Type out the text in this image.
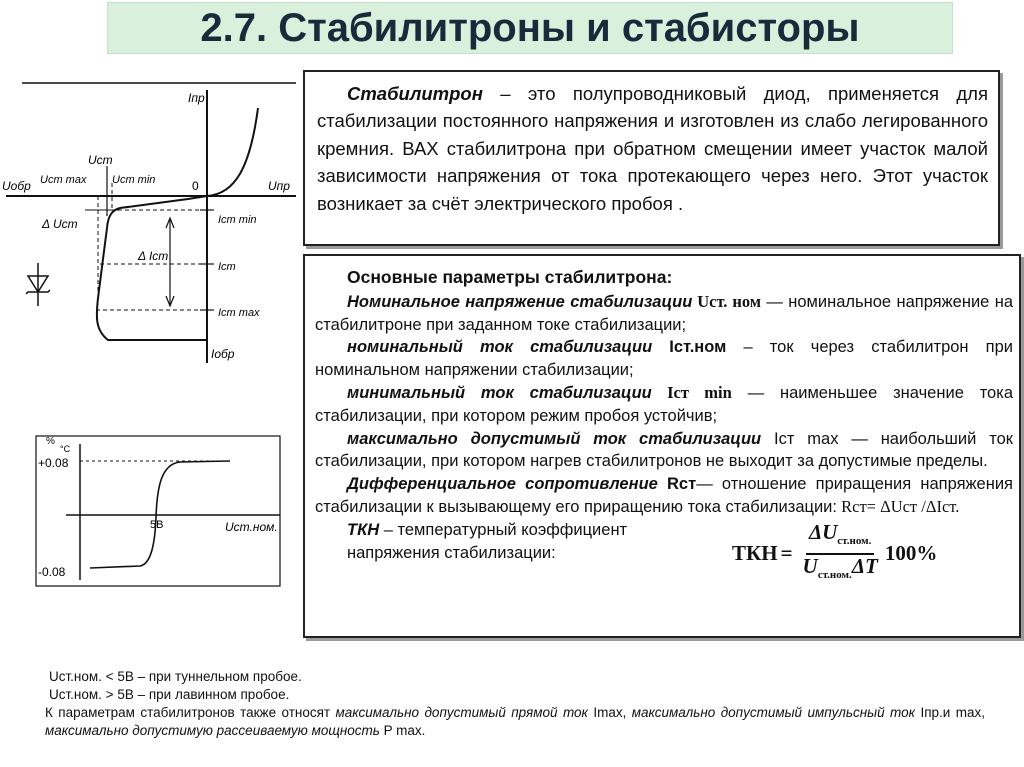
2.7. Стабилитроны и стабисторы
Iпр
Uст
Uобр Uст max Uст min	0	Uпр
Δ Uст	Iст min
Δ Iст
Iст
Iст max
Iобр
%
°C
+0.08
-0.08
5В	Uст.ном.
Стабилитрон – это полупроводниковый диод, применяется для стабилизации постоянного напряжения и изготовлен из слабо легированного кремния. ВАХ стабилитрона при обратном смещении имеет участок малой зависимости напряжения от тока протекающего через него. Этот участок возникает за счёт электрического пробоя .

Основные параметры стабилитрона:

Номинальное напряжение стабилизации Uст. ном — номинальное напряжение на стабилитроне при заданном токе стабилизации;

номинальный ток стабилизации Iст.ном – ток через стабилитрон при номинальном напряжении стабилизации;

минимальный ток стабилизации Iст min — наименьшее значение тока стабилизации, при котором режим пробоя устойчив;

максимально допустимый ток стабилизации Iст max — наибольший ток стабилизации, при котором нагрев стабилитронов не выходит за допустимые пределы.

Дифференциальное сопротивление Rст— отношение приращения напряжения стабилизации к вызывающему его приращению тока стабилизации: Rст= ΔUст /ΔIст.

ТКН – температурный коэффициент напряжения стабилизации:	ТКН = $\frac{\Delta U_{ст.ном.}}{U_{ст.ном.}\Delta T} 100\%$

Uст.ном. < 5В – при туннельном пробое.

Uст.ном. > 5В – при лавинном пробое.

К параметрам стабилитронов также относят максимально допустимый прямой ток Imax, максимально допустимый импульсный ток Iпр.и max, максимально допустимую рассеиваемую мощность P max.
